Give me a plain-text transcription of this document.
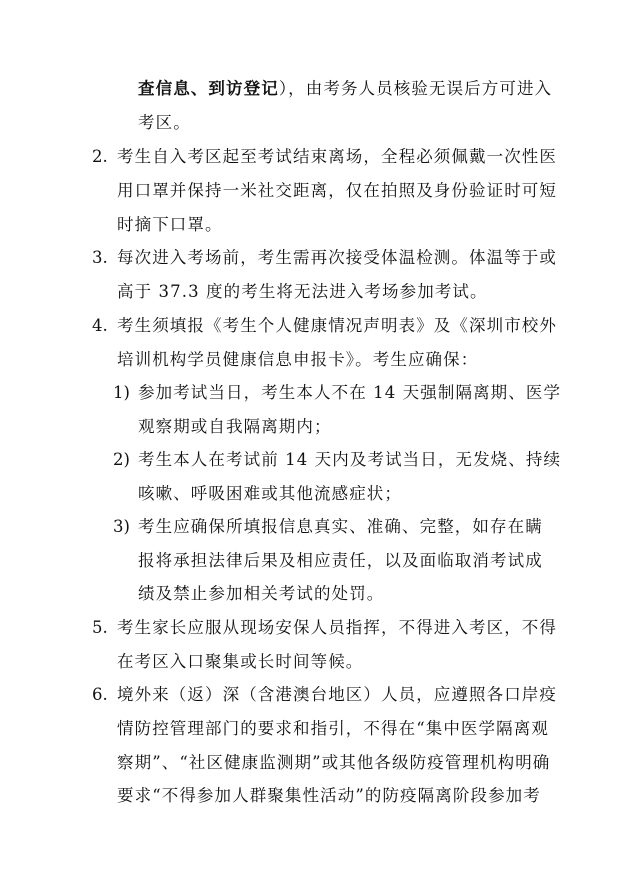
查信息、到访登记），由考务人员核验无误后方可进入
考区。
2. 考生自入考区起至考试结束离场，全程必须佩戴一次性医
用口罩并保持一米社交距离，仅在拍照及身份验证时可短
时摘下口罩。
3. 每次进入考场前，考生需再次接受体温检测。体温等于或
高于 37.3 度的考生将无法进入考场参加考试。
4. 考生须填报《考生个人健康情况声明表》及《深圳市校外
培训机构学员健康信息申报卡》。考生应确保：
1) 参加考试当日，考生本人不在 14 天强制隔离期、医学
观察期或自我隔离期内；
2) 考生本人在考试前 14 天内及考试当日，无发烧、持续
咳嗽、呼吸困难或其他流感症状；
3) 考生应确保所填报信息真实、准确、完整，如存在瞒
报将承担法律后果及相应责任，以及面临取消考试成
绩及禁止参加相关考试的处罚。
5. 考生家长应服从现场安保人员指挥，不得进入考区，不得
在考区入口聚集或长时间等候。
6. 境外来（返）深（含港澳台地区）人员，应遵照各口岸疫
情防控管理部门的要求和指引，不得在“集中医学隔离观
察期”、“社区健康监测期”或其他各级防疫管理机构明确
要求“不得参加人群聚集性活动”的防疫隔离阶段参加考
